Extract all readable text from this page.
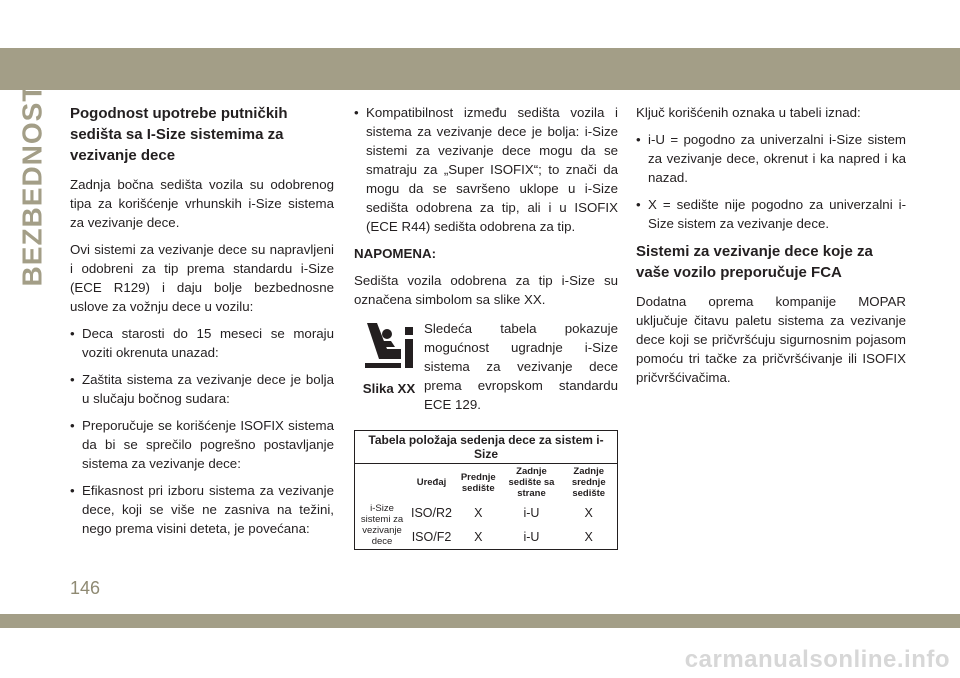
BEZBEDNOST Pogodnost upotrebe putničkih sedišta sa I-Size sistemima za vezivanje dece

Zadnja bočna sedišta vozila su odobrenog tipa za korišćenje vrhunskih i-Size sistema za vezivanje dece.

Ovi sistemi za vezivanje dece su napravljeni i odobreni za tip prema standardu i-Size (ECE R129) i daju bolje bezbednosne uslove za vožnju dece u vozilu:

• Deca starosti do 15 meseci se moraju voziti okrenuta unazad:
• Zaštita sistema za vezivanje dece je bolja u slučaju bočnog sudara:
• Preporučuje se korišćenje ISOFIX sistema da bi se sprečilo pogrešno postavljanje sistema za vezivanje dece:
• Efikasnost pri izboru sistema za vezivanje dece, koji se više ne zasniva na težini, nego prema visini deteta, je povećana:
• Kompatibilnost između sedišta vozila i sistema za vezivanje dece je bolja: i-Size sistemi za vezivanje dece mogu da se smatraju za „Super ISOFIX“; to znači da mogu da se savršeno uklope u i-Size sedišta odobrena za tip, ali i u ISOFIX (ECE R44) sedišta odobrena za tip.

NAPOMENA:

Sedišta vozila odobrena za tip i-Size su označena simbolom sa slike XX.

Slika XX

Sledeća tabela pokazuje mogućnost ugradnje i-Size sistema za vezivanje dece prema evropskom standardu ECE 129.

Tabela položaja sedenja dece za sistem i-Size				
	Uređaj	Prednje sedište	Zadnje sedište sa strane	Zadnje srednje sedište
i-Size sistemi za vezivanje dece	ISO/R2	X	i-U	X
	ISO/F2	X	i-U	X

Ključ korišćenih oznaka u tabeli iznad:

• i-U = pogodno za univerzalni i-Size sistem za vezivanje dece, okrenut i ka napred i ka nazad.
• X = sedište nije pogodno za univerzalni i-Size sistem za vezivanje dece.
Sistemi za vezivanje dece koje za vaše vozilo preporučuje FCA

Dodatna oprema kompanije MOPAR uključuje čitavu paletu sistema za vezivanje dece koji se pričvršćuju sigurnosnim pojasom pomoću tri tačke za pričvršćivanje ili ISOFIX pričvršćivačima.

146
carmanualsonline.info
